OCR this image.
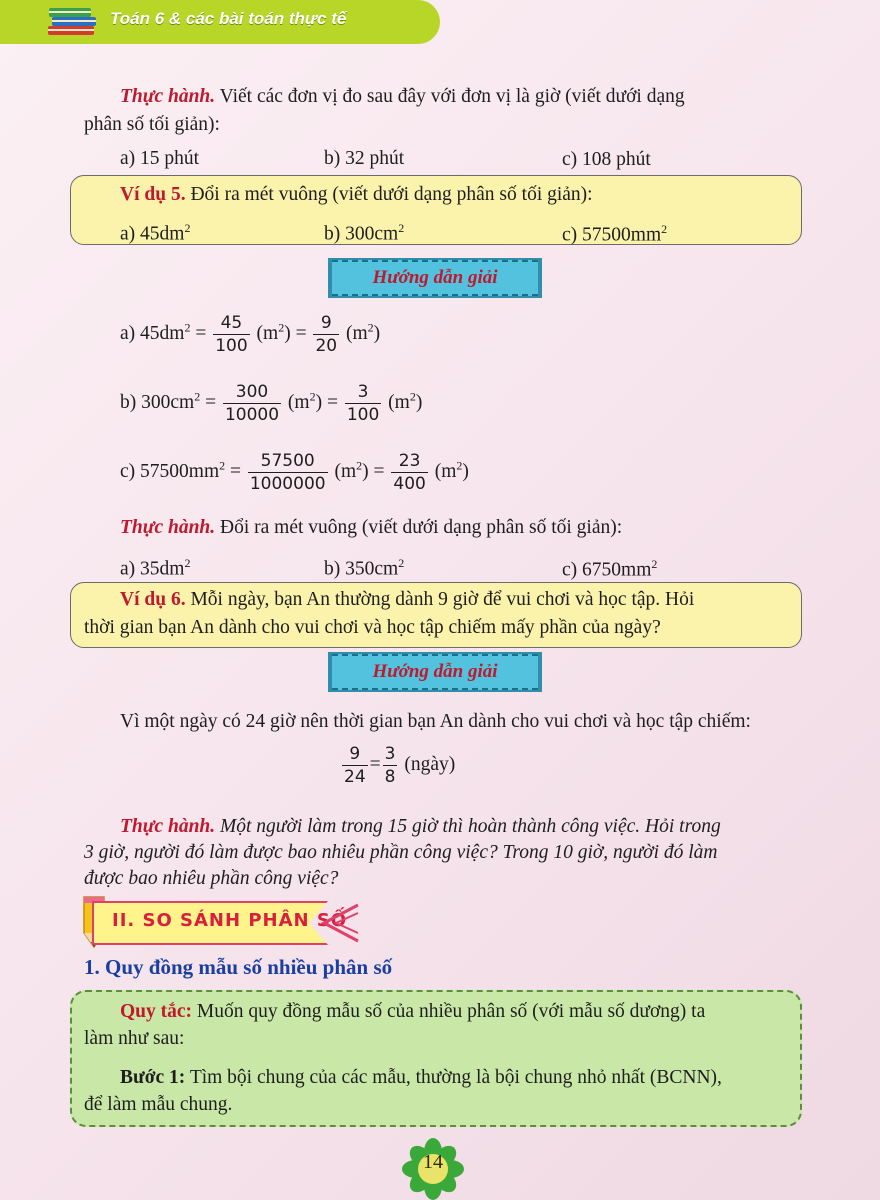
Toán 6 & các bài toán thực tế
Thực hành. Viết các đơn vị đo sau đây với đơn vị là giờ (viết dưới dạng
phân số tối giản):
a) 15 phút	b) 32 phút	c) 108 phút
Ví dụ 5. Đổi ra mét vuông (viết dưới dạng phân số tối giản):
a) $45dm^2$	b) $300cm^2$	c) $57500mm^2$
Hướng dẫn giải
a) $45dm^2 = \frac{45}{100} (m^2) = \frac{9}{20} (m^2)$
b) $300cm^2 = \frac{300}{10000} (m^2) = \frac{3}{100} (m^2)$
c) $57500mm^2 = \frac{57500}{1000000} (m^2) = \frac{23}{400} (m^2)$
Thực hành. Đổi ra mét vuông (viết dưới dạng phân số tối giản):
a) $35dm^2$	b) $350cm^2$	c) $6750mm^2$
Ví dụ 6. Mỗi ngày, bạn An thường dành 9 giờ để vui chơi và học tập. Hỏi
thời gian bạn An dành cho vui chơi và học tập chiếm mấy phần của ngày?
Hướng dẫn giải
Vì một ngày có 24 giờ nên thời gian bạn An dành cho vui chơi và học tập chiếm:
$\frac{9}{24} = \frac{3}{8}$ (ngày)
Thực hành. Một người làm trong 15 giờ thì hoàn thành công việc. Hỏi trong
3 giờ, người đó làm được bao nhiêu phần công việc? Trong 10 giờ, người đó làm
được bao nhiêu phần công việc?
II. SO SÁNH PHÂN SỐ
1. Quy đồng mẫu số nhiều phân số
Quy tắc: Muốn quy đồng mẫu số của nhiều phân số (với mẫu số dương) ta
làm như sau:
Bước 1: Tìm bội chung của các mẫu, thường là bội chung nhỏ nhất (BCNN),
để làm mẫu chung.
14
